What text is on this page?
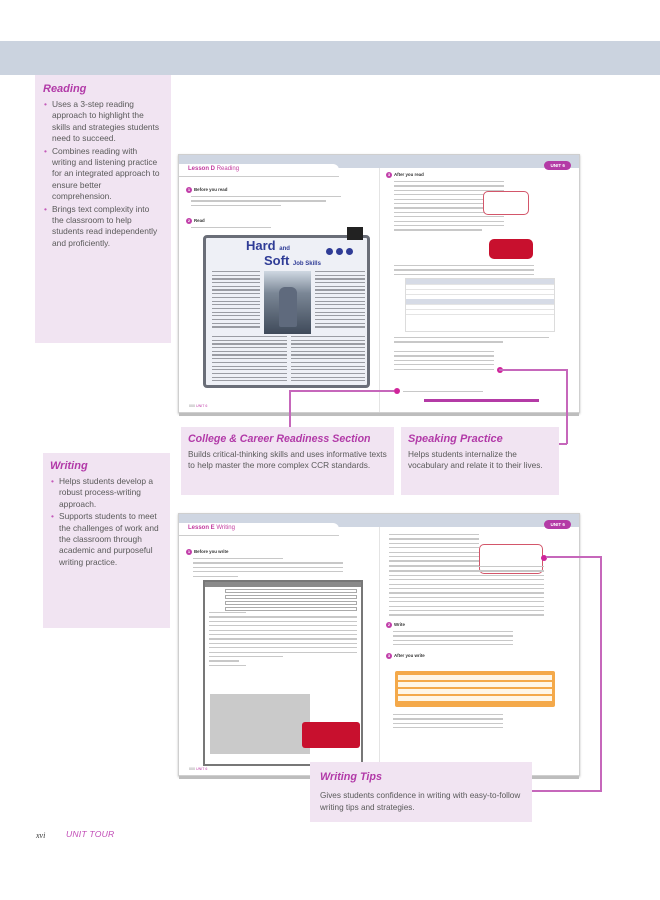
Reading
• Uses a 3-step reading approach to highlight the skills and strategies students need to succeed.
• Combines reading with writing and listening practice for an integrated approach to ensure better comprehension.
• Brings text complexity into the classroom to help students read independently and proficiently.
Writing
• Helps students develop a robust process-writing approach.
• Supports students to meet the challenges of work and the classroom through academic and purposeful writing practice.
Lesson D Reading
UNIT 6
1 Before you read
2 Read
Hard and
Soft Job Skills
3 After you read
000 UNIT 6
College & Career Readiness Section

Builds critical-thinking skills and uses informative texts to help master the more complex CCR standards.

Speaking Practice

Helps students internalize the vocabulary and relate it to their lives.

Lesson E Writing
UNIT 6
1 Before you write
2 Write
3 After you write
000 UNIT 6
Writing Tips

Gives students confidence in writing with easy-to-follow writing tips and strategies.

xvi UNIT TOUR
